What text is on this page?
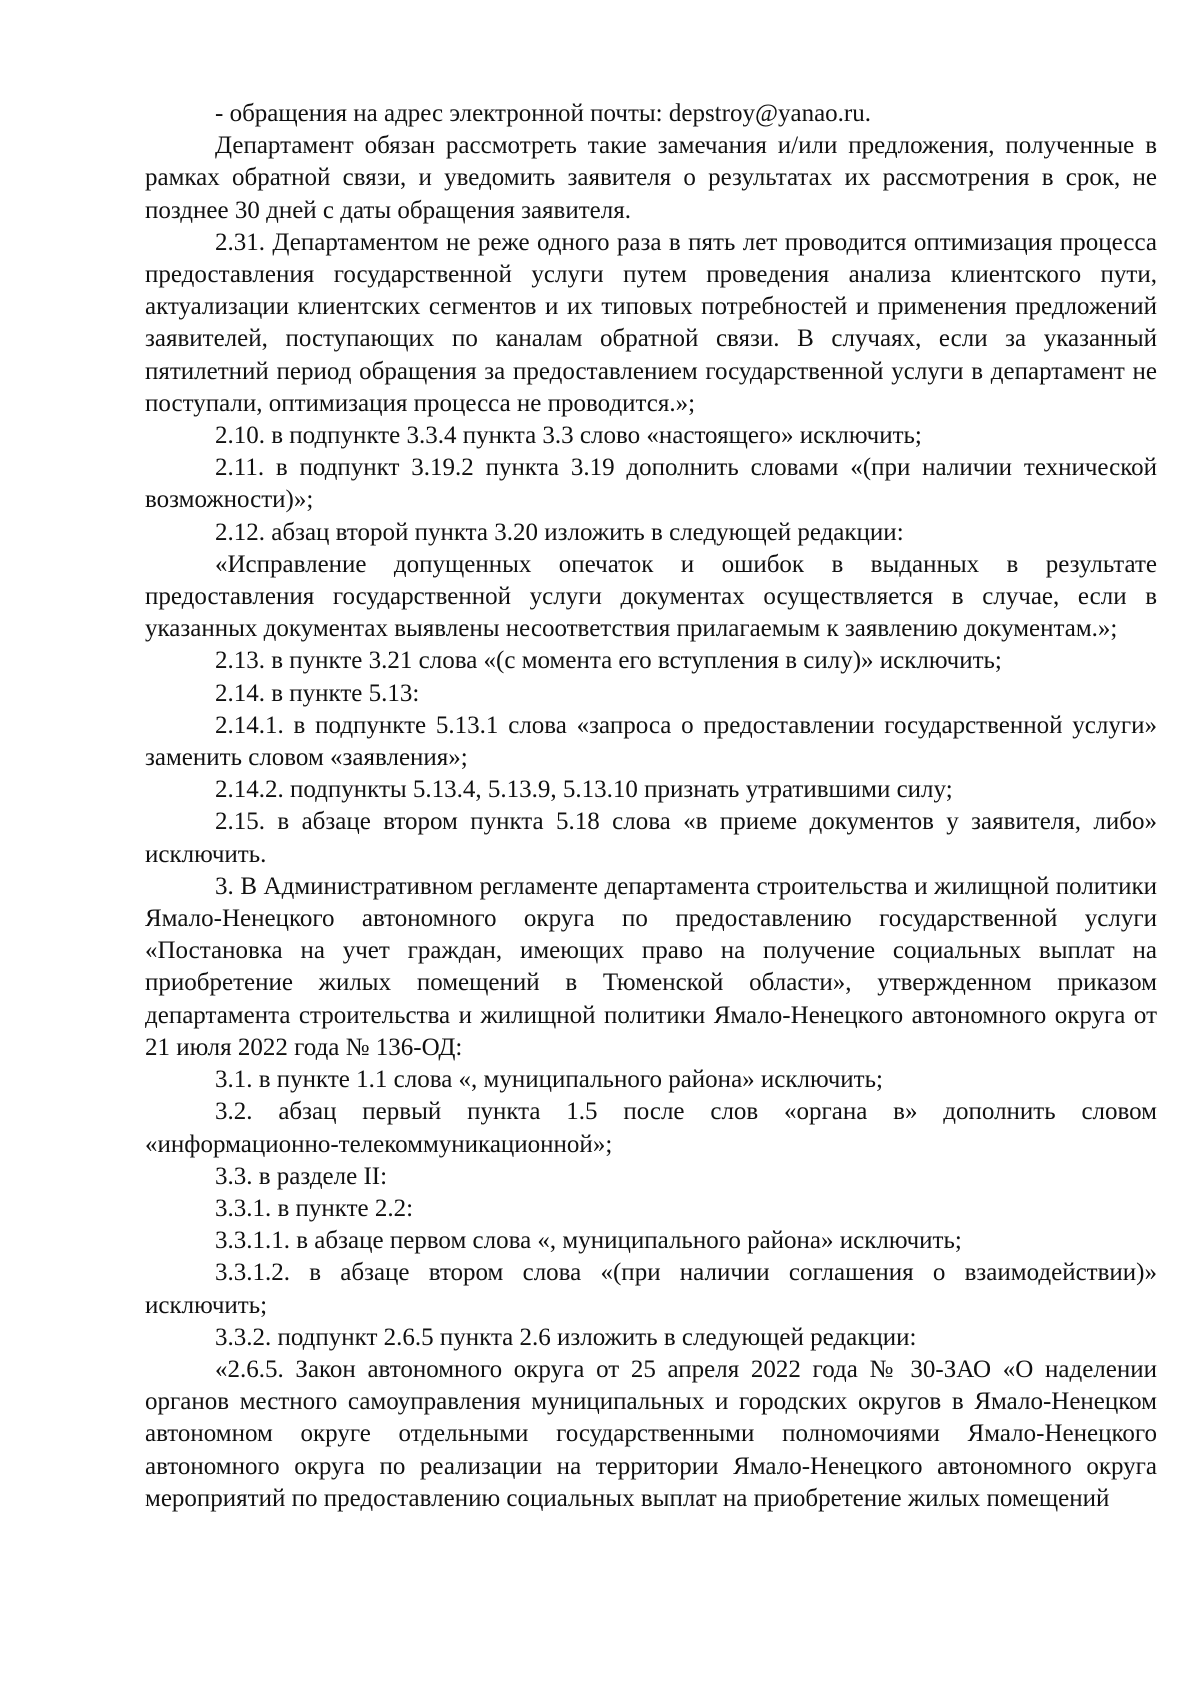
- обращения на адрес электронной почты: depstroy@yanao.ru.

Департамент обязан рассмотреть такие замечания и/или предложения, полученные в рамках обратной связи, и уведомить заявителя о результатах их рассмотрения в срок, не позднее 30 дней с даты обращения заявителя.

2.31. Департаментом не реже одного раза в пять лет проводится оптимизация процесса предоставления государственной услуги путем проведения анализа клиентского пути, актуализации клиентских сегментов и их типовых потребностей и применения предложений заявителей, поступающих по каналам обратной связи. В случаях, если за указанный пятилетний период обращения за предоставлением государственной услуги в департамент не поступали, оптимизация процесса не проводится.»;

2.10. в подпункте 3.3.4 пункта 3.3 слово «настоящего» исключить;

2.11. в подпункт 3.19.2 пункта 3.19 дополнить словами «(при наличии технической возможности)»;

2.12. абзац второй пункта 3.20 изложить в следующей редакции:

«Исправление допущенных опечаток и ошибок в выданных в результате предоставления государственной услуги документах осуществляется в случае, если в указанных документах выявлены несоответствия прилагаемым к заявлению документам.»;

2.13. в пункте 3.21 слова «(с момента его вступления в силу)» исключить;

2.14. в пункте 5.13:

2.14.1. в подпункте 5.13.1 слова «запроса о предоставлении государственной услуги» заменить словом «заявления»;

2.14.2. подпункты 5.13.4, 5.13.9, 5.13.10 признать утратившими силу;

2.15. в абзаце втором пункта 5.18 слова «в приеме документов у заявителя, либо» исключить.

3. В Административном регламенте департамента строительства и жилищной политики Ямало-Ненецкого автономного округа по предоставлению государственной услуги «Постановка на учет граждан, имеющих право на получение социальных выплат на приобретение жилых помещений в Тюменской области», утвержденном приказом департамента строительства и жилищной политики Ямало-Ненецкого автономного округа от 21 июля 2022 года № 136-ОД:

3.1. в пункте 1.1 слова «, муниципального района» исключить;

3.2. абзац первый пункта 1.5 после слов «органа в» дополнить словом «информационно-телекоммуникационной»;

3.3. в разделе II:

3.3.1. в пункте 2.2:

3.3.1.1. в абзаце первом слова «, муниципального района» исключить;

3.3.1.2. в абзаце втором слова «(при наличии соглашения о взаимодействии)» исключить;

3.3.2. подпункт 2.6.5 пункта 2.6 изложить в следующей редакции:

«2.6.5. Закон автономного округа от 25 апреля 2022 года № 30-ЗАО «О наделении органов местного самоуправления муниципальных и городских округов в Ямало-Ненецком автономном округе отдельными государственными полномочиями Ямало-Ненецкого автономного округа по реализации на территории Ямало-Ненецкого автономного округа мероприятий по предоставлению социальных выплат на приобретение жилых помещений
